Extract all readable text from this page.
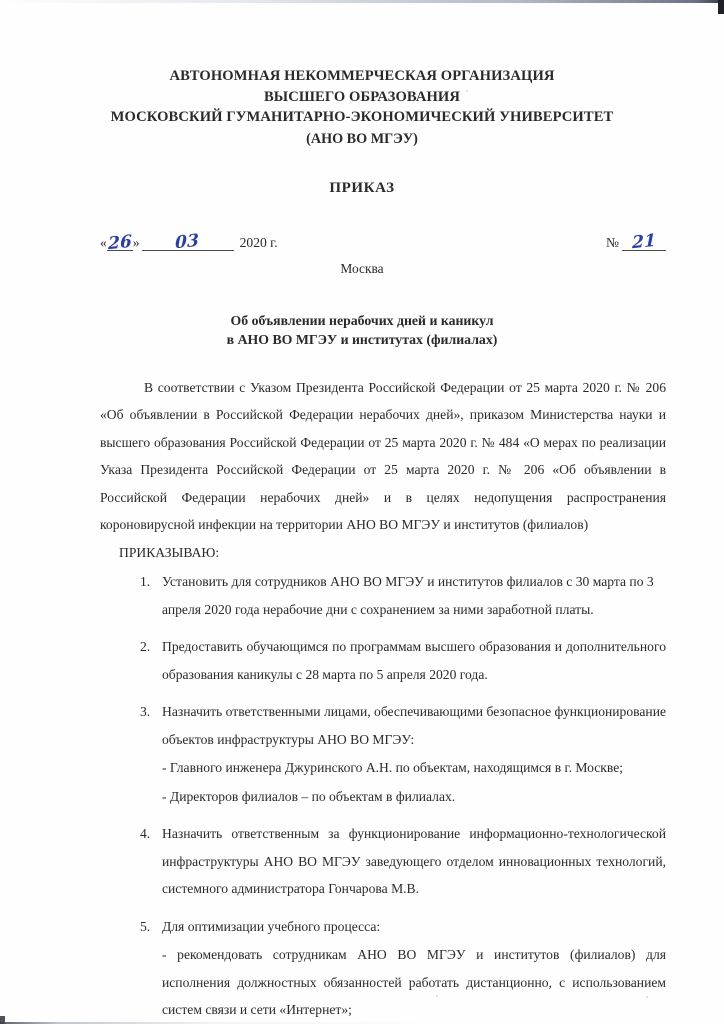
АВТОНОМНАЯ НЕКОММЕРЧЕСКАЯ ОРГАНИЗАЦИЯ
ВЫСШЕГО ОБРАЗОВАНИЯ
МОСКОВСКИЙ ГУМАНИТАРНО-ЭКОНОМИЧЕСКИЙ УНИВЕРСИТЕТ
(АНО ВО МГЭУ)
ПРИКАЗ
« 26 »	03	2020 г.
Москва
№ 21
Об объявлении нерабочих дней и каникул
в АНО ВО МГЭУ и институтах (филиалах)

В соответствии с Указом Президента Российской Федерации от 25 марта 2020 г. № 206 «Об объявлении в Российской Федерации нерабочих дней», приказом Министерства науки и высшего образования Российской Федерации от 25 марта 2020 г. № 484 «О мерах по реализации Указа Президента Российской Федерации от 25 марта 2020 г. № 206 «Об объявлении в Российской Федерации нерабочих дней» и в целях недопущения распространения короновирусной инфекции на территории АНО ВО МГЭУ и институтов (филиалов)

ПРИКАЗЫВАЮ:

1. Установить для сотрудников АНО ВО МГЭУ и институтов филиалов с 30 марта по 3 апреля 2020 года нерабочие дни с сохранением за ними заработной платы.
2. Предоставить обучающимся по программам высшего образования и дополнительного образования каникулы с 28 марта по 5 апреля 2020 года.
3. Назначить ответственными лицами, обеспечивающими безопасное функционирование объектов инфраструктуры АНО ВО МГЭУ:
- Главного инженера Джуринского А.Н. по объектам, находящимся в г. Москве;
- Директоров филиалов – по объектам в филиалах.
4. Назначить ответственным за функционирование информационно-технологической инфраструктуры АНО ВО МГЭУ заведующего отделом инновационных технологий, системного администратора Гончарова М.В.
5. Для оптимизации учебного процесса:
- рекомендовать сотрудникам АНО ВО МГЭУ и институтов (филиалов) для исполнения должностных обязанностей работать дистанционно, с использованием систем связи и сети «Интернет»;
